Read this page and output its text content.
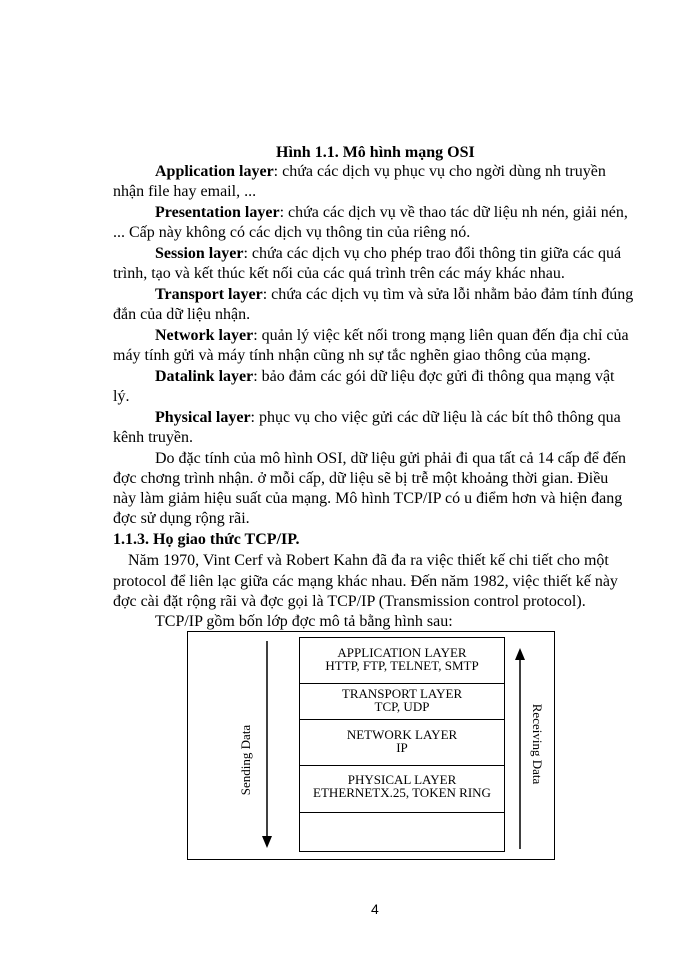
Hình 1.1. Mô hình mạng OSI
Application layer: chứa các dịch vụ phục vụ cho ngời dùng nh truyền
nhận file hay email, ...
Presentation layer: chứa các dịch vụ về thao tác dữ liệu nh nén, giải nén,
... Cấp này không có các dịch vụ thông tin của riêng nó.
Session layer: chứa các dịch vụ cho phép trao đổi thông tin giữa các quá
trình, tạo và kết thúc kết nối của các quá trình trên các máy khác nhau.
Transport layer: chứa các dịch vụ tìm và sửa lỗi nhằm bảo đảm tính đúng
đắn của dữ liệu nhận.
Network layer: quản lý việc kết nối trong mạng liên quan đến địa chỉ của
máy tính gửi và máy tính nhận cũng nh sự tắc nghẽn giao thông của mạng.
Datalink layer: bảo đảm các gói dữ liệu đợc gửi đi thông qua mạng vật
lý.
Physical layer: phục vụ cho việc gửi các dữ liệu là các bít thô thông qua
kênh truyền.
Do đặc tính của mô hình OSI, dữ liệu gửi phải đi qua tất cả 14 cấp để đến
đợc chơng trình nhận. ở mỗi cấp, dữ liệu sẽ bị trễ một khoảng thời gian. Điều
này làm giảm hiệu suất của mạng. Mô hình TCP/IP có u điểm hơn và hiện đang
đợc sử dụng rộng rãi.
1.1.3. Họ giao thức TCP/IP.
Năm 1970, Vint Cerf và Robert Kahn đã đa ra việc thiết kế chi tiết cho một
protocol để liên lạc giữa các mạng khác nhau. Đến năm 1982, việc thiết kế này
đợc cài đặt rộng rãi và đợc gọi là TCP/IP (Transmission control protocol).
TCP/IP gồm bốn lớp đợc mô tả bằng hình sau:
Sending Data	Receiving Data
APPLICATION LAYER
HTTP, FTP, TELNET, SMTP
TRANSPORT LAYER
TCP, UDP
NETWORK LAYER
IP
PHYSICAL LAYER
ETHERNETX.25, TOKEN RING
4
